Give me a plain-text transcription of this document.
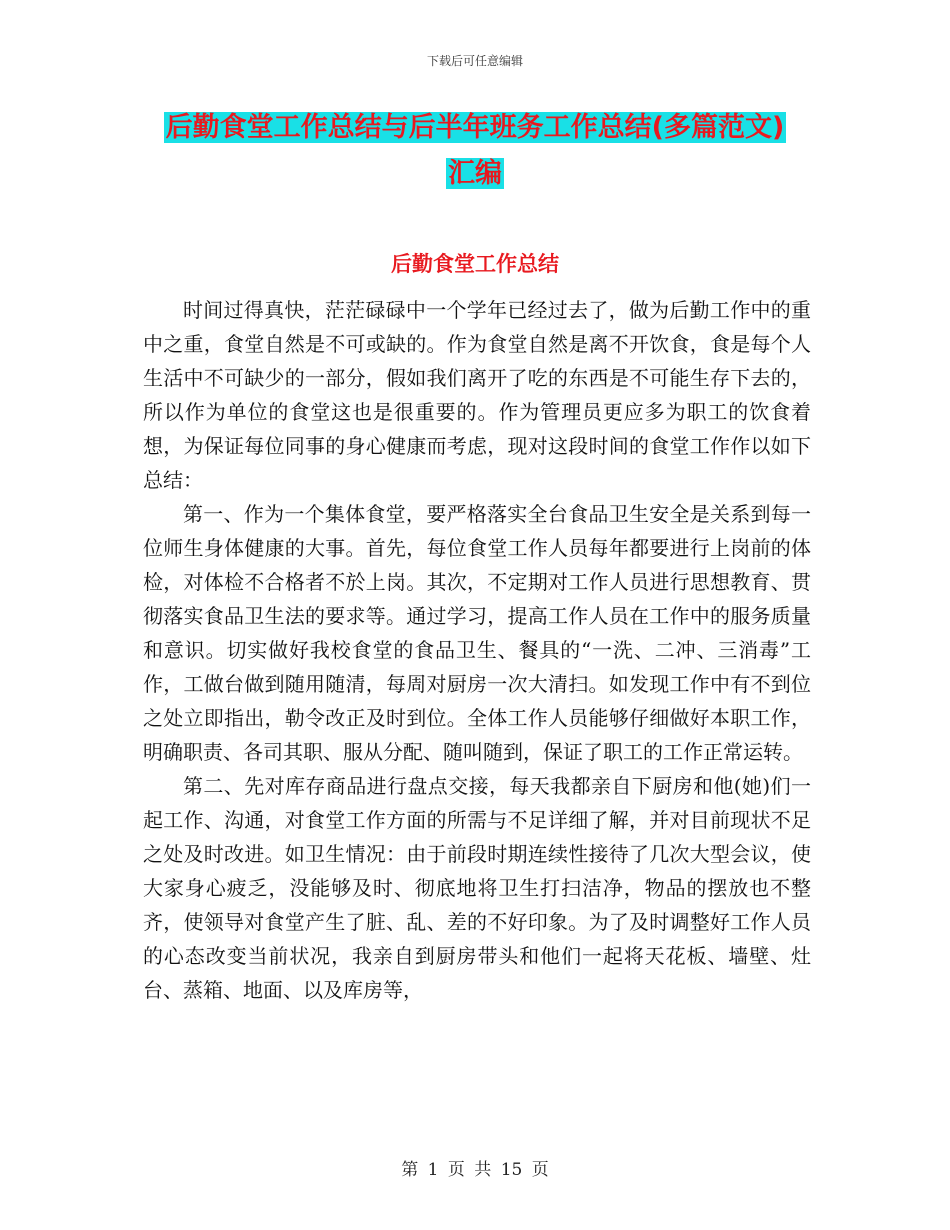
下载后可任意编辑
后勤食堂工作总结与后半年班务工作总结(多篇范文)
汇编
后勤食堂工作总结

时间过得真快，茫茫碌碌中一个学年已经过去了，做为后勤工作中的重中之重，食堂自然是不可或缺的。作为食堂自然是离不开饮食，食是每个人生活中不可缺少的一部分，假如我们离开了吃的东西是不可能生存下去的，所以作为单位的食堂这也是很重要的。作为管理员更应多为职工的饮食着想，为保证每位同事的身心健康而考虑，现对这段时间的食堂工作作以如下总结：

第一、作为一个集体食堂，要严格落实全台食品卫生安全是关系到每一位师生身体健康的大事。首先，每位食堂工作人员每年都要进行上岗前的体检，对体检不合格者不於上岗。其次，不定期对工作人员进行思想教育、贯彻落实食品卫生法的要求等。通过学习，提高工作人员在工作中的服务质量和意识。切实做好我校食堂的食品卫生、餐具的“一洗、二冲、三消毒”工作，工做台做到随用随清，每周对厨房一次大清扫。如发现工作中有不到位之处立即指出，勒令改正及时到位。全体工作人员能够仔细做好本职工作，明确职责、各司其职、服从分配、随叫随到，保证了职工的工作正常运转。

第二、先对库存商品进行盘点交接，每天我都亲自下厨房和他(她)们一起工作、沟通，对食堂工作方面的所需与不足详细了解，并对目前现状不足之处及时改进。如卫生情况：由于前段时期连续性接待了几次大型会议，使大家身心疲乏，没能够及时、彻底地将卫生打扫洁净，物品的摆放也不整齐，使领导对食堂产生了脏、乱、差的不好印象。为了及时调整好工作人员的心态改变当前状况，我亲自到厨房带头和他们一起将天花板、墙壁、灶台、蒸箱、地面、以及库房等，

第 1 页 共 15 页
